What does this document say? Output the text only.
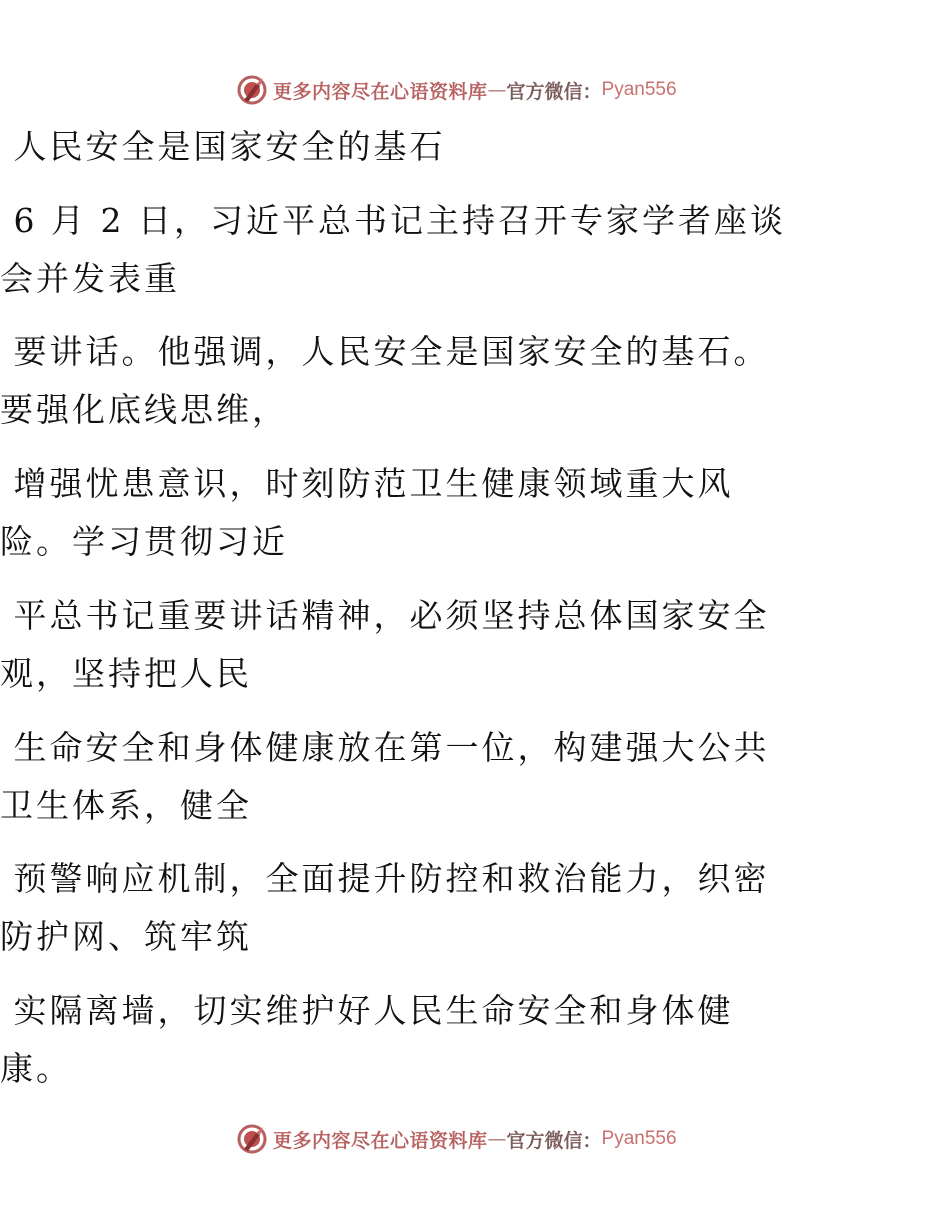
更多内容尽在心语资料库 — 官方微信： Pyan556
人民安全是国家安全的基石
6 月 2 日，习近平总书记主持召开专家学者座谈
会并发表重
要讲话。他强调，人民安全是国家安全的基石。
要强化底线思维，
增强忧患意识，时刻防范卫生健康领域重大风
险。学习贯彻习近
平总书记重要讲话精神，必须坚持总体国家安全
观，坚持把人民
生命安全和身体健康放在第一位，构建强大公共
卫生体系，健全
预警响应机制，全面提升防控和救治能力，织密
防护网、筑牢筑
实隔离墙，切实维护好人民生命安全和身体健
康。
更多内容尽在心语资料库 — 官方微信： Pyan556
